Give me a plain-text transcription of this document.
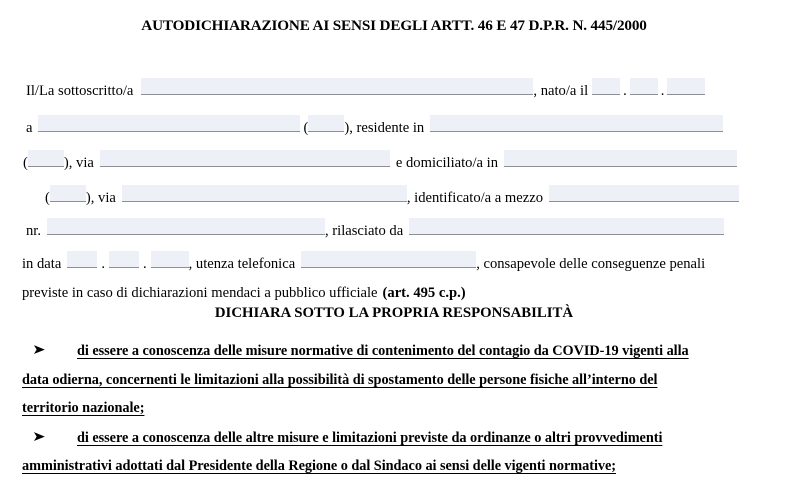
AUTODICHIARAZIONE AI SENSI DEGLI ARTT. 46 E 47 D.P.R. N. 445/2000
Il/La sottoscritto/a	, nato/a il . .
a	( ), residente in
( ), via	e domiciliato/a in
( ), via	, identificato/a a mezzo
nr.	, rilasciato da
in data	.	.	, utenza telefonica	, consapevole delle conseguenze penali
previste in caso di dichiarazioni mendaci a pubblico ufficiale (art. 495 c.p.)
DICHIARA SOTTO LA PROPRIA RESPONSABILITÀ
➤ di essere a conoscenza delle misure normative di contenimento del contagio da COVID-19 vigenti alla
data odierna, concernenti le limitazioni alla possibilità di spostamento delle persone fisiche all’interno del
territorio nazionale;
➤ di essere a conoscenza delle altre misure e limitazioni previste da ordinanze o altri provvedimenti
amministrativi adottati dal Presidente della Regione o dal Sindaco ai sensi delle vigenti normative;
